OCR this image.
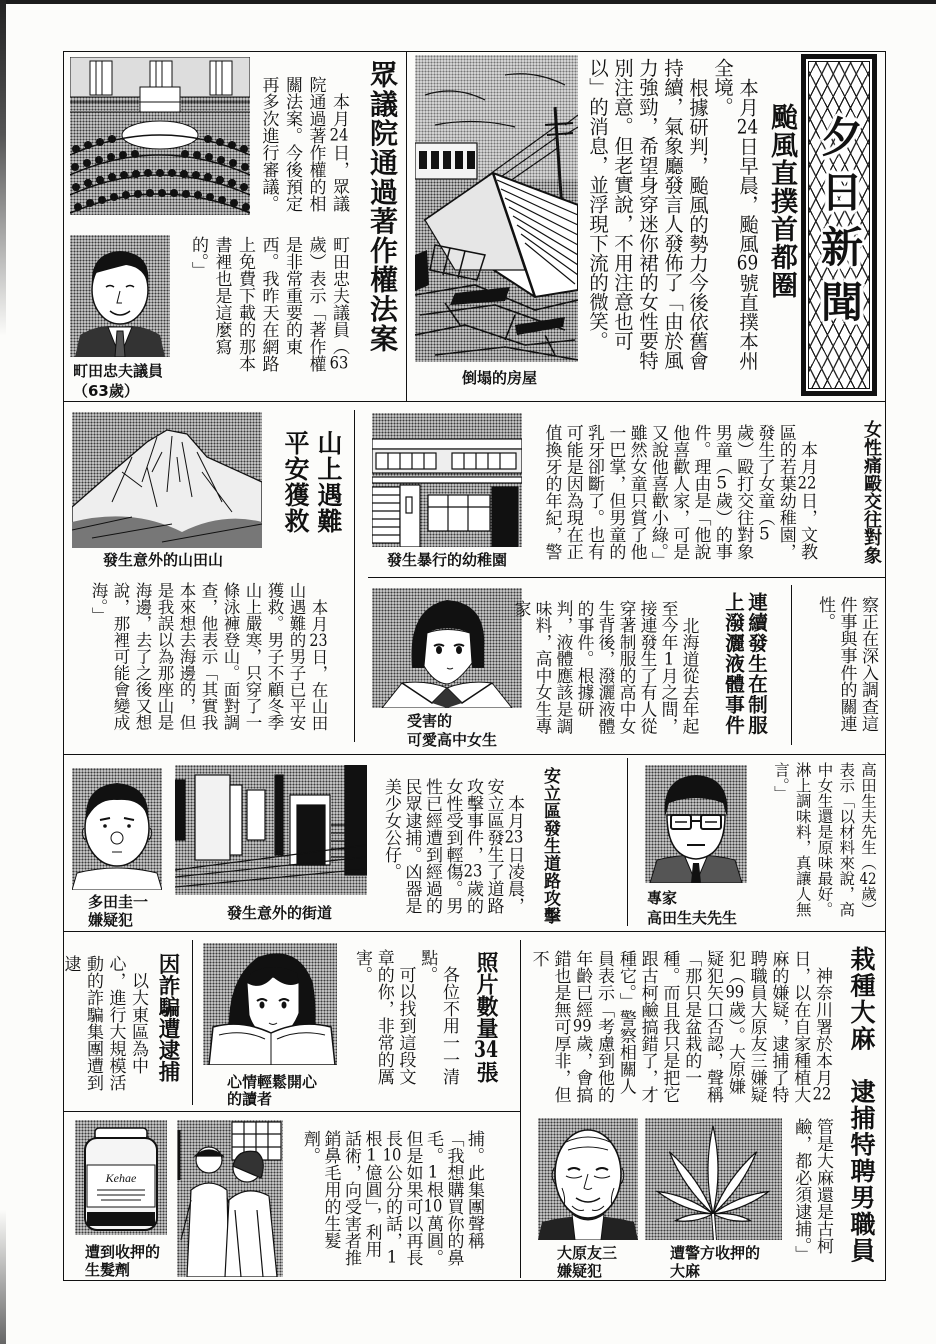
夕日新聞
颱風直撲首都圈

本月24日早晨，颱風69號直撲本州全境。

根據研判，颱風的勢力今後依舊會持續，氣象廳發言人發佈了「由於風力強勁，希望身穿迷你裙的女性要特別注意。但老實說，不用注意也可以」的消息，並浮現下流的微笑。

倒塌的房屋
眾議院通過著作權法案

本月24日，眾議院通過著作權的相關法案。今後預定再多次進行審議。

町田忠夫議員（63歲）表示「著作權是非常重要的東西。我昨天在網路上免費下載的那本書裡也是這麼寫的。」

町田忠夫議員
（63歲）
發生意外的山田山
山上遇難
平安獲救

本月23日，在山田山遇難的男子已平安獲救。男子不顧冬季山上嚴寒，只穿了一條泳褲登山。面對調查，他表示「其實我本來想去海邊的，但是我誤以為那座山是海邊，去了之後又想說，那裡可能會變成海。」

發生暴行的幼稚園	女性痛毆交往對象

本月22日，文教區的若葉幼稚園，發生了女童（5歲）毆打交往對象男童（5歲）的事件。理由是「他說他喜歡人家，可是又說他喜歡小綠。」雖然女童只賞了他一巴掌，但男童的乳牙卻斷了。也有可能是因為現在正值換牙的年紀，警

察正在深入調查這件事與事件的關連性。

受害的
可愛高中女生
連續發生在制服
上潑灑液體事件

北海道從去年起至今年1月之間，接連發生了有人從穿著制服的高中女生背後，潑灑液體的事件。根據研判，液體應該是調味料，高中女生專家

多田圭一
嫌疑犯	發生意外的街道	安立區發生道路攻擊

本月23日凌晨，安立區發生了道路攻擊事件，23歲的女性受到輕傷。男性已經遭到經過的民眾逮捕。凶器是美少女公仔。

專家
高田生夫先生

高田生夫先生（42歲）表示「以材料來說，高中女生還是原味最好。淋上調味料，真讓人無言。」

因詐騙遭逮捕

以大東區為中心，進行大規模活動的詐騙集團遭到逮

捕。此集團聲稱「我想購買你的鼻毛。1根10萬圓。但是如果可以再長長10公分的話，1根1億圓」，利用話術，向受害者推銷鼻毛用的生髮劑。

Kehae
遭到收押的
生髮劑
心情輕鬆開心
的讀者
照片數量34張

各位不用一一清點。

可以找到這段文章的你，非常的厲害。	栽種大麻　逮捕特聘男職員

神奈川署於本月22日，以在自家種植大麻的嫌疑，逮捕了特聘職員大原友三嫌疑犯（99歲）。大原嫌疑犯矢口否認，聲稱「那只是盆栽的一種。而且我只是把它跟古柯鹼搞錯了，才種它。」警察相關人員表示「考慮到他的年齡已經99歲，會搞錯也是無可厚非，但不

管是大麻還是古柯鹼，都必須逮捕。」

大原友三
嫌疑犯
遭警方收押的
大麻
